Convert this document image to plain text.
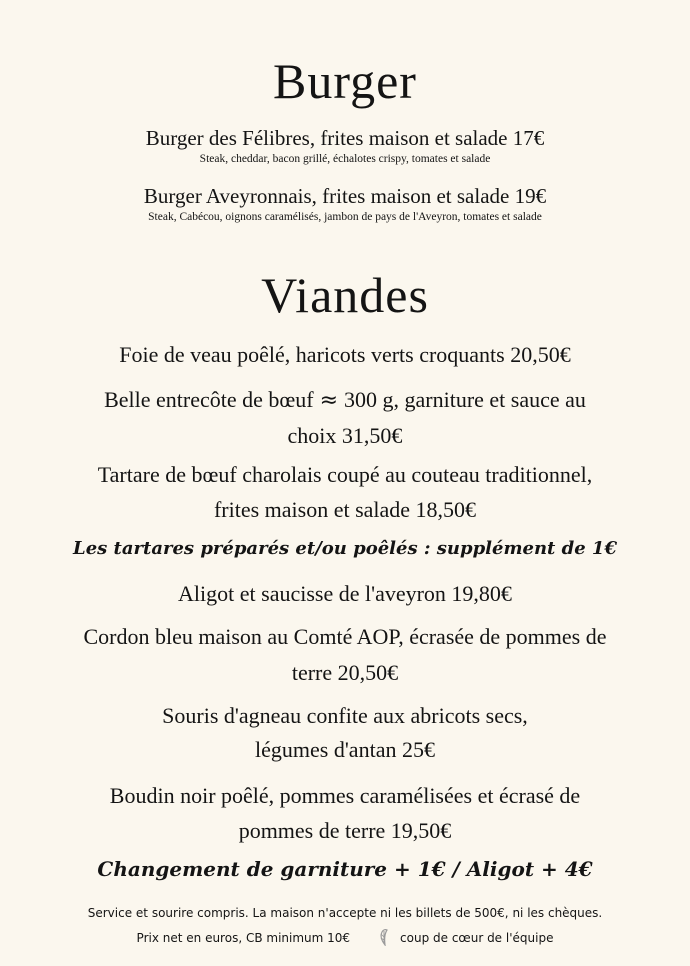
Burger
Burger des Félibres, frites maison et salade 17€
Steak, cheddar, bacon grillé, échalotes crispy, tomates et salade
Burger Aveyronnais, frites maison et salade 19€
Steak, Cabécou, oignons caramélisés, jambon de pays de l'Aveyron, tomates et salade
Viandes
Foie de veau poêlé, haricots verts croquants 20,50€
Belle entrecôte de bœuf ≈ 300 g, garniture et sauce au
choix 31,50€
Tartare de bœuf charolais coupé au couteau traditionnel,
frites maison et salade 18,50€
Les tartares préparés et/ou poêlés : supplément de 1€
Aligot et saucisse de l'aveyron 19,80€
Cordon bleu maison au Comté AOP, écrasée de pommes de
terre 20,50€
Souris d'agneau confite aux abricots secs,
légumes d'antan 25€
Boudin noir poêlé, pommes caramélisées et écrasé de
pommes de terre 19,50€
Changement de garniture + 1€ / Aligot + 4€
Service et sourire compris. La maison n'accepte ni les billets de 500€, ni les chèques.
Prix net en euros, CB minimum 10€	coup de cœur de l'équipe
